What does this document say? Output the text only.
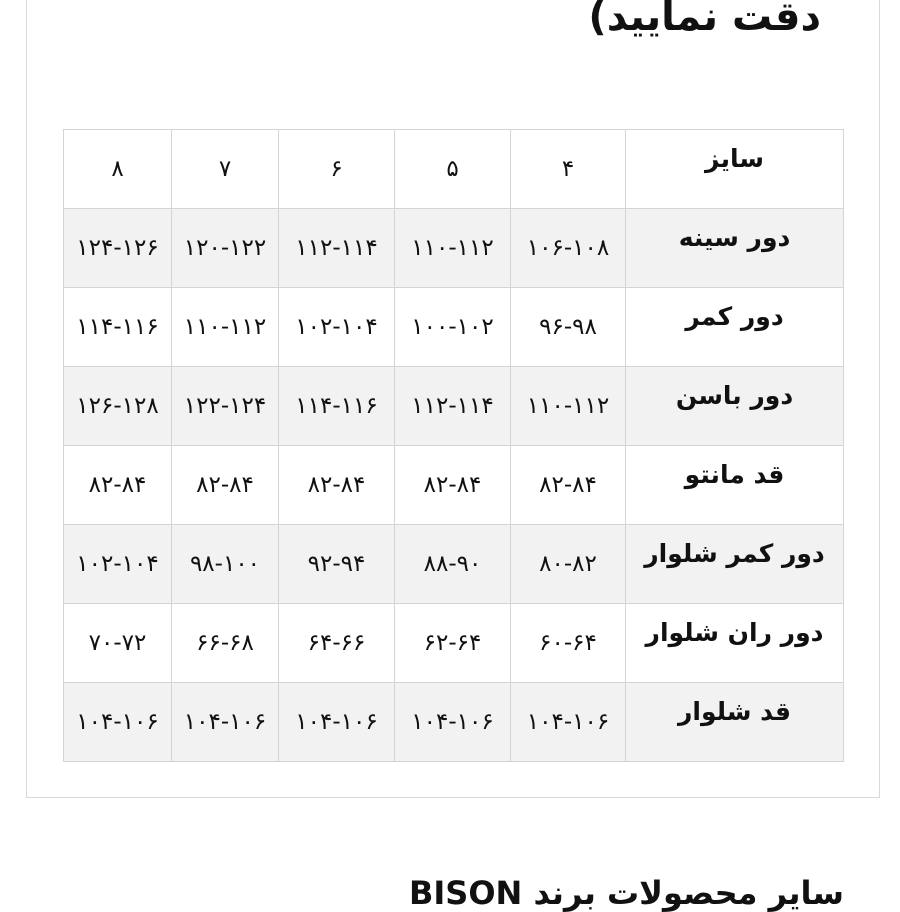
دقت نمایید)
سایز	۴	۵	۶	۷	۸
دور سینه	۱۰۶-۱۰۸	۱۱۰-۱۱۲	۱۱۲-۱۱۴	۱۲۰-۱۲۲	۱۲۴-۱۲۶
دور کمر	۹۶-۹۸	۱۰۰-۱۰۲	۱۰۲-۱۰۴	۱۱۰-۱۱۲	۱۱۴-۱۱۶
دور باسن	۱۱۰-۱۱۲	۱۱۲-۱۱۴	۱۱۴-۱۱۶	۱۲۲-۱۲۴	۱۲۶-۱۲۸
قد مانتو	۸۲-۸۴	۸۲-۸۴	۸۲-۸۴	۸۲-۸۴	۸۲-۸۴
دور کمر شلوار	۸۰-۸۲	۸۸-۹۰	۹۲-۹۴	۹۸-۱۰۰	۱۰۲-۱۰۴
دور ران شلوار	۶۰-۶۴	۶۲-۶۴	۶۴-۶۶	۶۶-۶۸	۷۰-۷۲
قد شلوار	۱۰۴-۱۰۶	۱۰۴-۱۰۶	۱۰۴-۱۰۶	۱۰۴-۱۰۶	۱۰۴-۱۰۶
سایر محصولات برند BISON
